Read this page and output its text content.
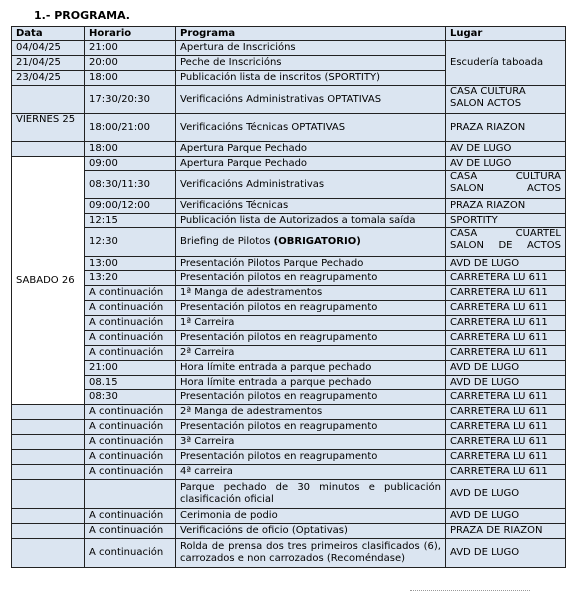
1.- PROGRAMA.
Data	Horario	Programa	Lugar
04/04/25	21:00	Apertura de Inscricións	Escudería taboada
21/04/25	20:00	Peche de Inscricións	
23/04/25	18:00	Publicación lista de inscritos (SPORTITY)	
	17:30/20:30	Verificacións Administrativas OPTATIVAS	CASA CULTURA SALON ACTOS
VIERNES 25	18:00/21:00	Verificacións Técnicas OPTATIVAS	PRAZA RIAZON
	18:00	Apertura Parque Pechado	AV DE LUGO
SABADO 26	09:00	Apertura Parque Pechado	AV DE LUGO
	08:30/11:30	Verificacións Administrativas	CASA CULTURA SALON ACTOS
	09:00/12:00	Verificacións Técnicas	PRAZA RIAZON
	12:15	Publicación lista de Autorizados a tomala saída	SPORTITY
	12:30	Briefing de Pilotos (OBRIGATORIO)	CASA CUARTEL SALON DE ACTOS
	13:00	Presentación Pilotos Parque Pechado	AVD DE LUGO
	13:20	Presentación pilotos en reagrupamento	CARRETERA LU 611
	A continuación	1ª Manga de adestramentos	CARRETERA LU 611
	A continuación	Presentación pilotos en reagrupamento	CARRETERA LU 611
	A continuación	1ª Carreira	CARRETERA LU 611
	A continuación	Presentación pilotos en reagrupamento	CARRETERA LU 611
	A continuación	2ª Carreira	CARRETERA LU 611
	21:00	Hora límite entrada a parque pechado	AVD DE LUGO
	08.15	Hora límite entrada a parque pechado	AVD DE LUGO
	08:30	Presentación pilotos en reagrupamento	CARRETERA LU 611
	A continuación	2ª Manga de adestramentos	CARRETERA LU 611
	A continuación	Presentación pilotos en reagrupamento	CARRETERA LU 611
	A continuación	3ª Carreira	CARRETERA LU 611
	A continuación	Presentación pilotos en reagrupamento	CARRETERA LU 611
	A continuación	4ª carreira	CARRETERA LU 611
		Parque pechado de 30 minutos e publicación clasificación oficial	AVD DE LUGO
	A continuación	Cerimonia de podio	AVD DE LUGO
	A continuación	Verificacións de oficio (Optativas)	PRAZA DE RIAZON
	A continuación	Rolda de prensa dos tres primeiros clasificados (6), carrozados e non carrozados (Recoméndase)	AVD DE LUGO
